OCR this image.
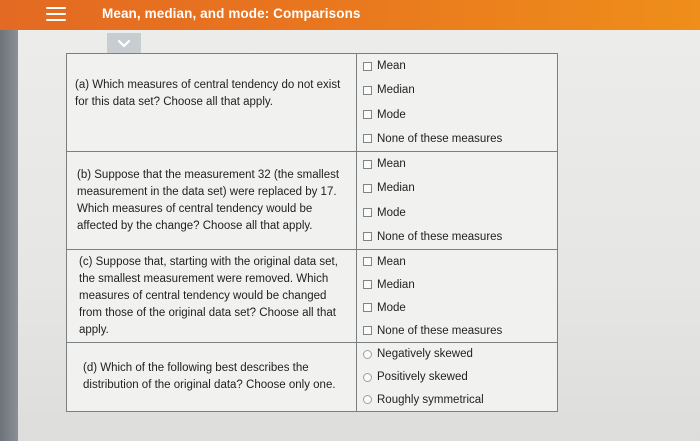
Mean, median, and mode: Comparisons
(a) Which measures of central tendency do not exist for this data set? Choose all that apply.
Mean
Median
Mode
None of these measures
(b) Suppose that the measurement 32 (the smallest measurement in the data set) were replaced by 17. Which measures of central tendency would be affected by the change? Choose all that apply.
Mean
Median
Mode
None of these measures
(c) Suppose that, starting with the original data set, the smallest measurement were removed. Which measures of central tendency would be changed from those of the original data set? Choose all that apply.
Mean
Median
Mode
None of these measures
(d) Which of the following best describes the distribution of the original data? Choose only one.
Negatively skewed
Positively skewed
Roughly symmetrical
